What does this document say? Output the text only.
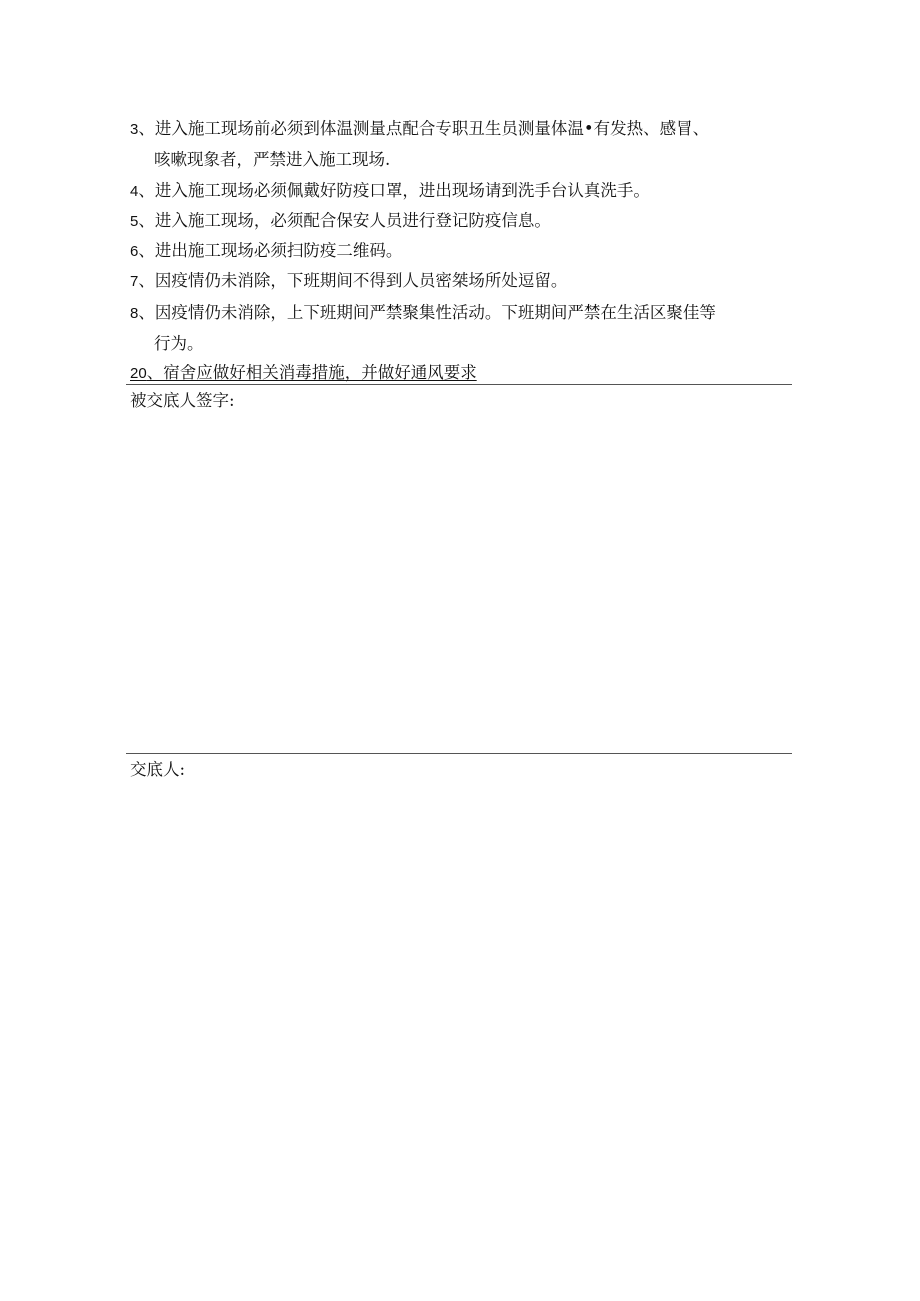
3、进入施工现场前必须到体温测量点配合专职丑生员测量体温•有发热、感冒、
咳嗽现象者，严禁进入施工现场.
4、进入施工现场必须佩戴好防疫口罩，进出现场请到洗手台认真洗手。
5、进入施工现场，必须配合保安人员进行登记防疫信息。
6、进出施工现场必须扫防疫二维码。
7、因疫情仍未消除，下班期间不得到人员密桀场所处逗留。
8、因疫情仍未消除，上下班期间严禁聚集性活动。下班期间严禁在生活区聚佳等
行为。
20、宿舍应做好相关消毒措施，并做好通风要求
被交底人签字:
交底人:
